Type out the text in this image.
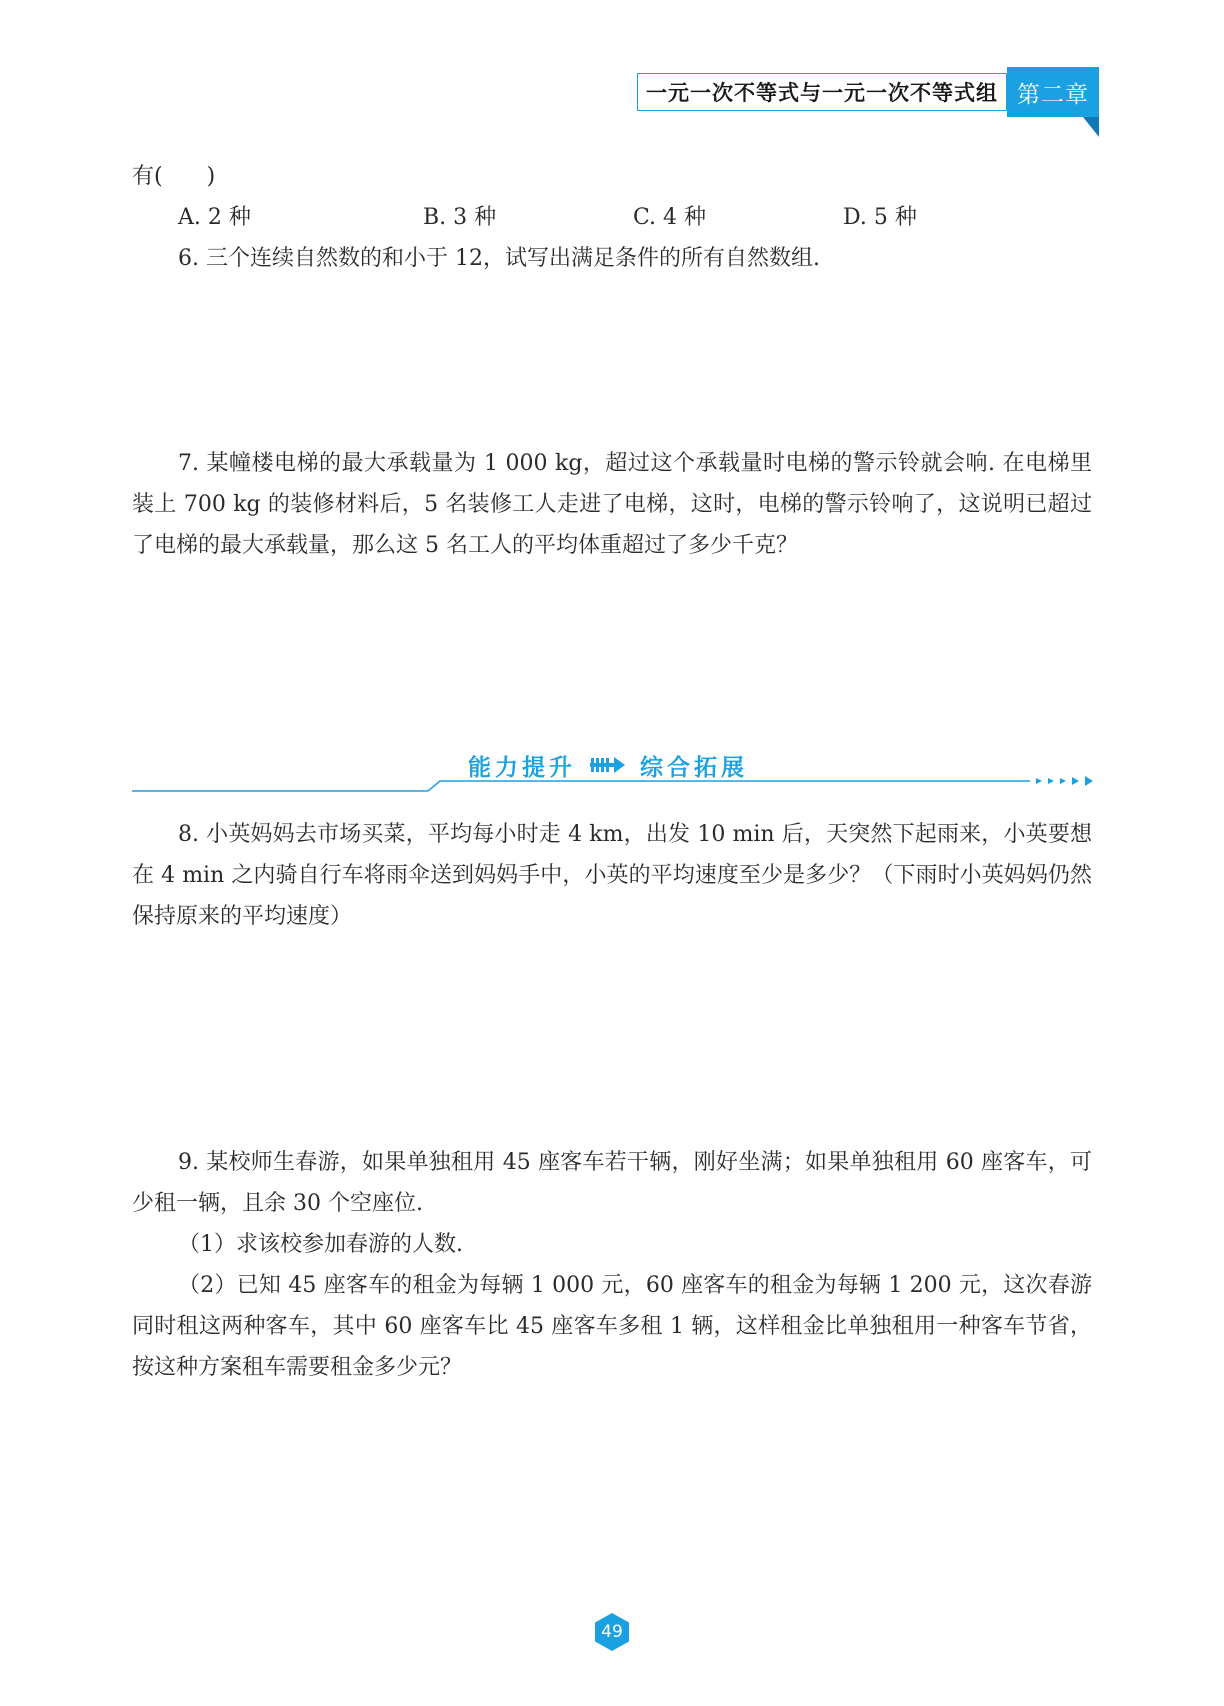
一元一次不等式与一元一次不等式组 第二章
有(　　)
A. 2 种	B. 3 种	C. 4 种	D. 5 种
6. 三个连续自然数的和小于 12，试写出满足条件的所有自然数组.

7. 某幢楼电梯的最大承载量为 1 000 kg，超过这个承载量时电梯的警示铃就会响. 在电梯里装上 700 kg 的装修材料后，5 名装修工人走进了电梯，这时，电梯的警示铃响了，这说明已超过了电梯的最大承载量，那么这 5 名工人的平均体重超过了多少千克？

能力提升	综合拓展

8. 小英妈妈去市场买菜，平均每小时走 4 km，出发 10 min 后，天突然下起雨来，小英要想在 4 min 之内骑自行车将雨伞送到妈妈手中，小英的平均速度至少是多少？（下雨时小英妈妈仍然保持原来的平均速度）

9. 某校师生春游，如果单独租用 45 座客车若干辆，刚好坐满；如果单独租用 60 座客车，可少租一辆，且余 30 个空座位.

（1）求该校参加春游的人数.

（2）已知 45 座客车的租金为每辆 1 000 元，60 座客车的租金为每辆 1 200 元，这次春游同时租这两种客车，其中 60 座客车比 45 座客车多租 1 辆，这样租金比单独租用一种客车节省，按这种方案租车需要租金多少元？

49
